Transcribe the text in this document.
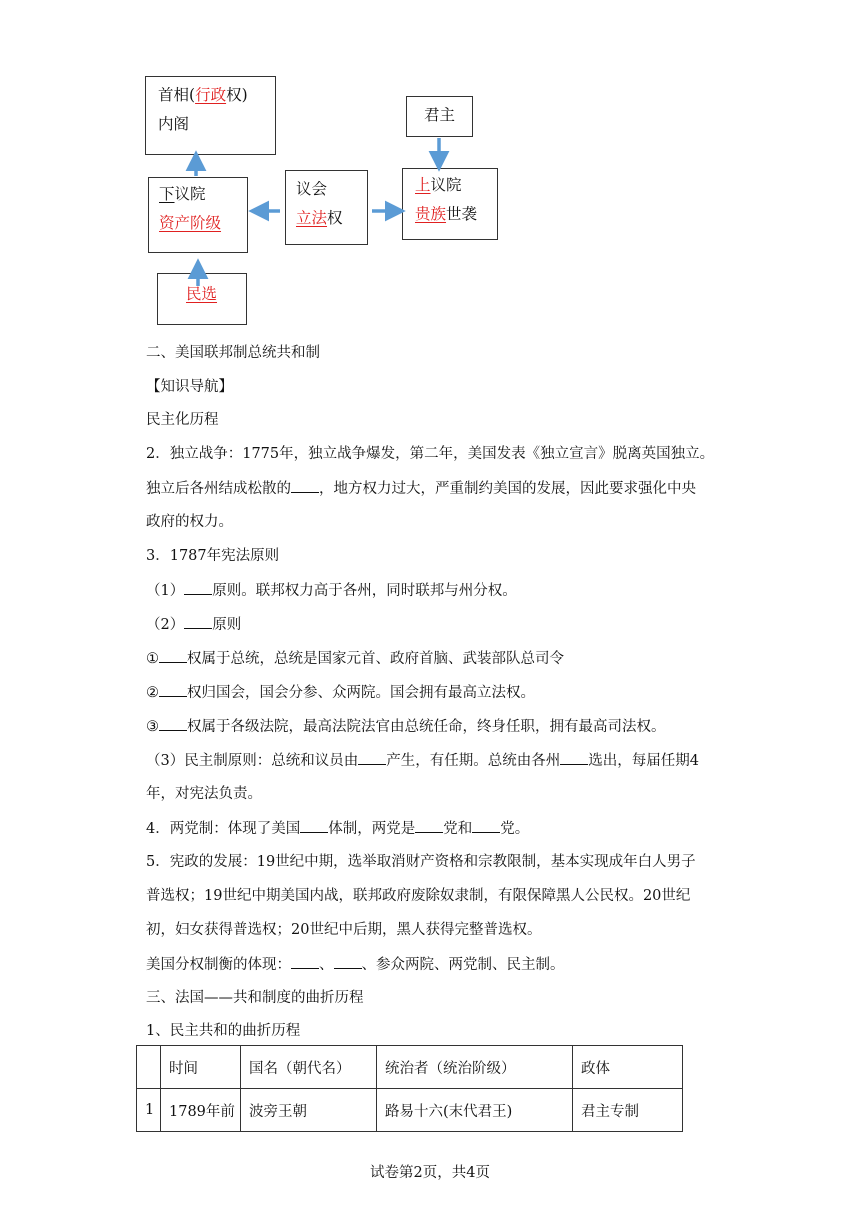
首相(行政权)
内阁	君主
下议院
资产阶级
议会
立法权
上议院
贵族世袭
民选
二、美国联邦制总统共和制
【知识导航】
民主化历程
2．独立战争：1775年，独立战争爆发，第二年，美国发表《独立宣言》脱离英国独立。
独立后各州结成松散的 ，地方权力过大，严重制约美国的发展，因此要求强化中央
政府的权力。
3．1787年宪法原则
（1） 原则。联邦权力高于各州，同时联邦与州分权。
（2） 原则
① 权属于总统，总统是国家元首、政府首脑、武装部队总司令
② 权归国会，国会分参、众两院。国会拥有最高立法权。
③ 权属于各级法院，最高法院法官由总统任命，终身任职，拥有最高司法权。
（3）民主制原则：总统和议员由 产生，有任期。总统由各州 选出，每届任期4
年，对宪法负责。
4．两党制：体现了美国 体制，两党是 党和 党。
5．宪政的发展：19世纪中期，选举取消财产资格和宗教限制，基本实现成年白人男子
普选权；19世纪中期美国内战，联邦政府废除奴隶制，有限保障黑人公民权。20世纪
初，妇女获得普选权；20世纪中后期，黑人获得完整普选权。
美国分权制衡的体现： 、 、参众两院、两党制、民主制。
三、法国——共和制度的曲折历程
1、民主共和的曲折历程
	时间	国名（朝代名）	统治者（统治阶级）	政体
1	1789年前	波旁王朝	路易十六(末代君王)	君主专制
试卷第2页，共4页
